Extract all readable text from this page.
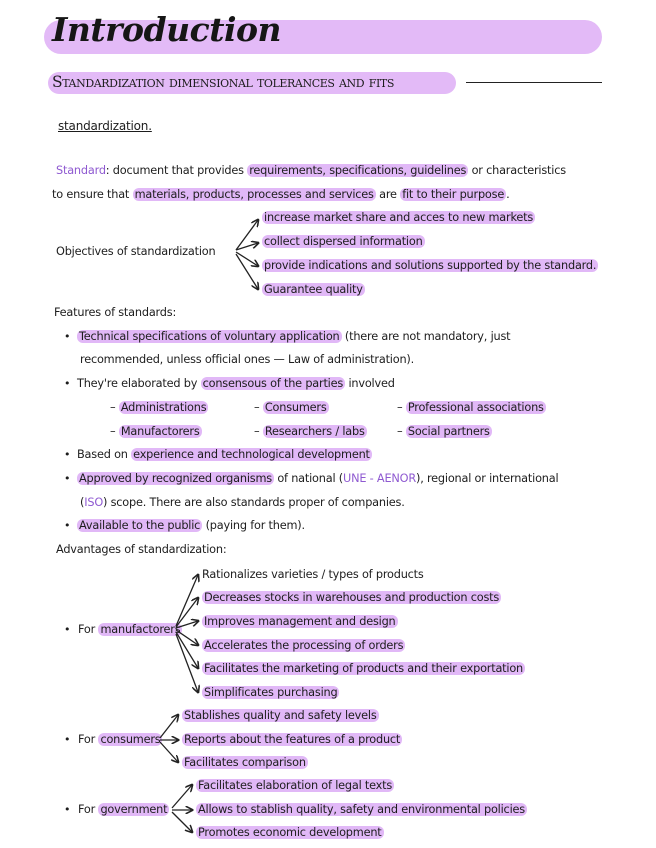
Introduction
Standardization dimensional tolerances and fits
standardization.
Standard: document that provides requirements, specifications, guidelines or characteristics
to ensure that materials, products, processes and services are fit to their purpose .
Objectives of standardization
increase market share and acces to new markets
collect dispersed information
provide indications and solutions supported by the standard.
Guarantee quality
Features of standards:
• Technical specifications of voluntary application (there are not mandatory, just
recommended, unless official ones — Law of administration).
• They're elaborated by consensous of the parties involved
– Administrations	– Consumers	– Professional associations
– Manufactorers	– Researchers / labs	– Social partners
• Based on experience and technological development
• Approved by recognized organisms of national (UNE - AENOR), regional or international
(ISO) scope. There are also standards proper of companies.
• Available to the public (paying for them).
Advantages of standardization:
• For manufactorers
Rationalizes varieties / types of products
Decreases stocks in warehouses and production costs
Improves management and design
Accelerates the processing of orders
Facilitates the marketing of products and their exportation
Simplificates purchasing
• For consumers
Stablishes quality and safety levels
Reports about the features of a product
Facilitates comparison
• For government
Facilitates elaboration of legal texts
Allows to stablish quality, safety and environmental policies
Promotes economic development
